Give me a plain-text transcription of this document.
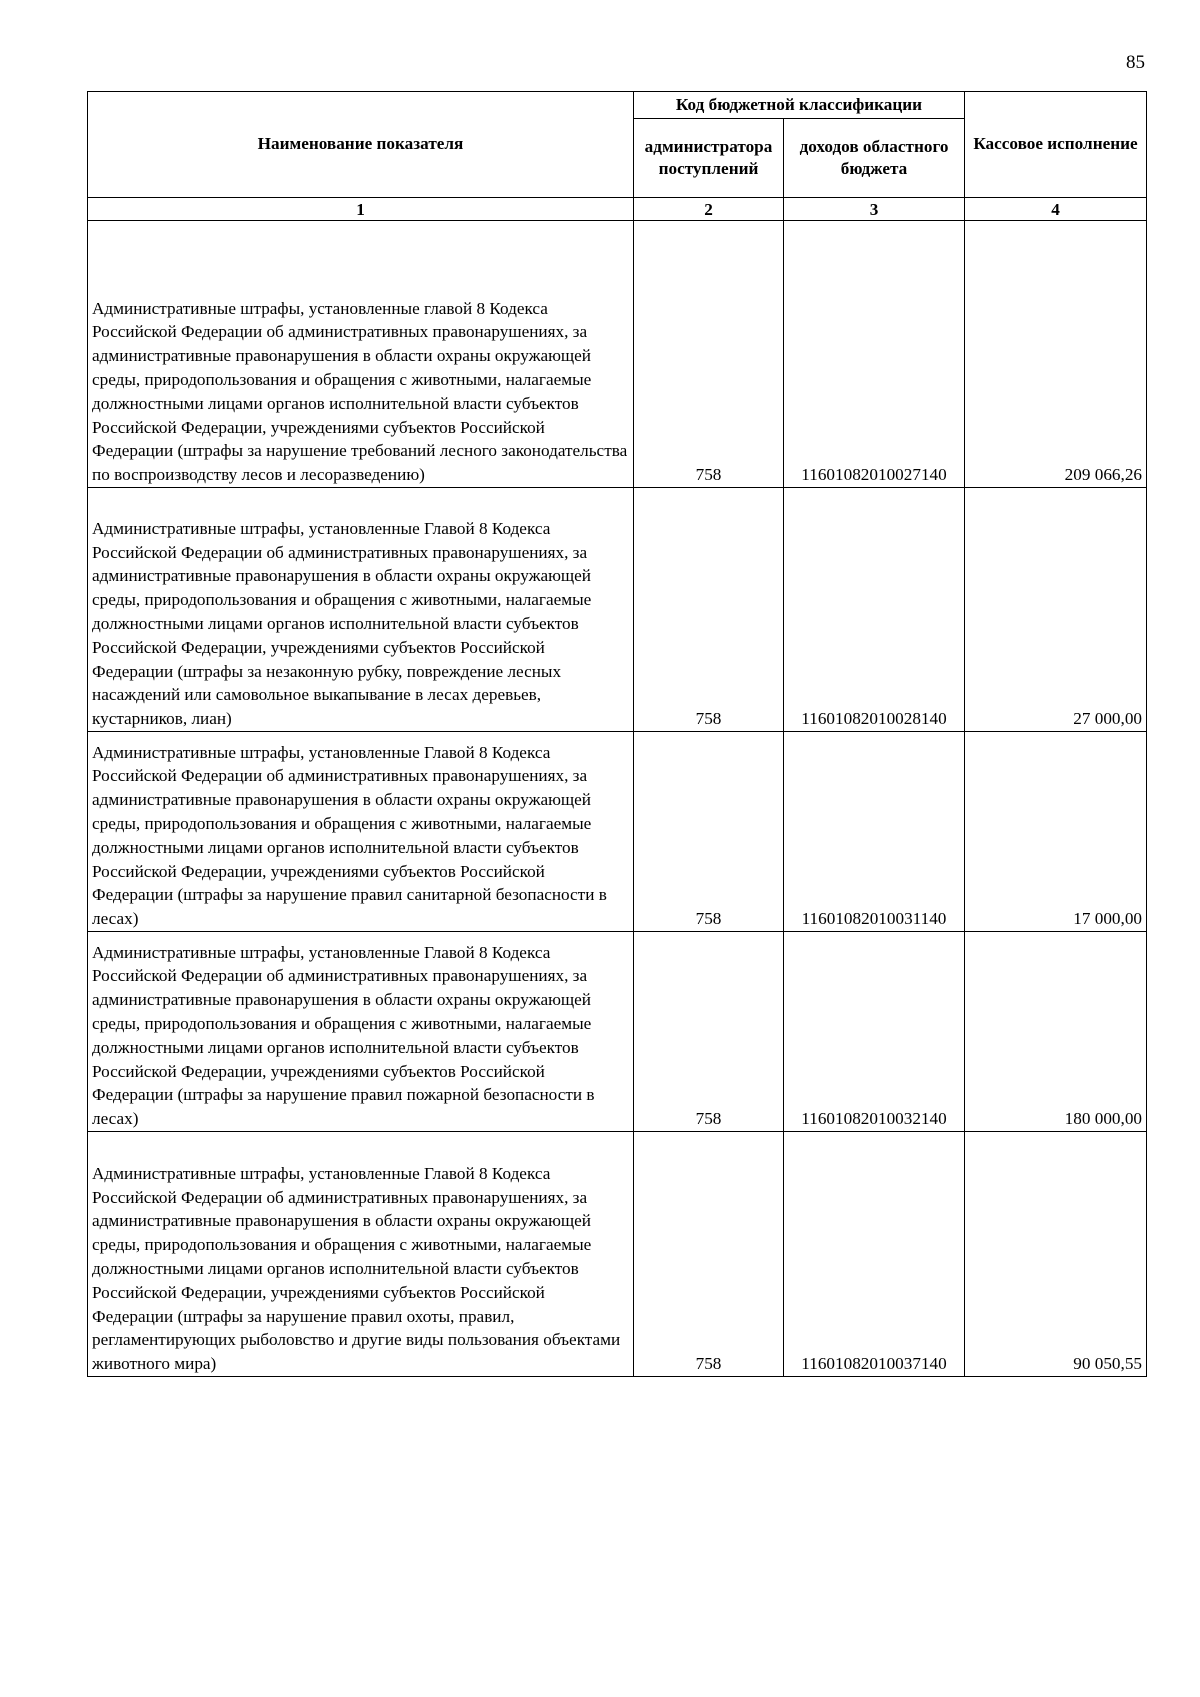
85
Наименование показателя	Код бюджетной классификации		Кассовое исполнение
	администратора поступлений	доходов областного бюджета	
1	2	3	4
Административные штрафы, установленные главой 8 Кодекса Российской Федерации об административных правонарушениях, за административные правонарушения в области охраны окружающей среды, природопользования и обращения с животными, налагаемые должностными лицами органов исполнительной власти субъектов Российской Федерации, учреждениями субъектов Российской Федерации (штрафы за нарушение требований лесного законодательства по воспроизводству лесов и лесоразведению)	758	11601082010027140	209 066,26
Административные штрафы, установленные Главой 8 Кодекса Российской Федерации об административных правонарушениях, за административные правонарушения в области охраны окружающей среды, природопользования и обращения с животными, налагаемые должностными лицами органов исполнительной власти субъектов Российской Федерации, учреждениями субъектов Российской Федерации (штрафы за незаконную рубку, повреждение лесных насаждений или самовольное выкапывание в лесах деревьев, кустарников, лиан)	758	11601082010028140	27 000,00
Административные штрафы, установленные Главой 8 Кодекса Российской Федерации об административных правонарушениях, за административные правонарушения в области охраны окружающей среды, природопользования и обращения с животными, налагаемые должностными лицами органов исполнительной власти субъектов Российской Федерации, учреждениями субъектов Российской Федерации (штрафы за нарушение правил санитарной безопасности в лесах)	758	11601082010031140	17 000,00
Административные штрафы, установленные Главой 8 Кодекса Российской Федерации об административных правонарушениях, за административные правонарушения в области охраны окружающей среды, природопользования и обращения с животными, налагаемые должностными лицами органов исполнительной власти субъектов Российской Федерации, учреждениями субъектов Российской Федерации (штрафы за нарушение правил пожарной безопасности в лесах)	758	11601082010032140	180 000,00
Административные штрафы, установленные Главой 8 Кодекса Российской Федерации об административных правонарушениях, за административные правонарушения в области охраны окружающей среды, природопользования и обращения с животными, налагаемые должностными лицами органов исполнительной власти субъектов Российской Федерации, учреждениями субъектов Российской Федерации (штрафы за нарушение правил охоты, правил, регламентирующих рыболовство и другие виды пользования объектами животного мира)	758	11601082010037140	90 050,55
